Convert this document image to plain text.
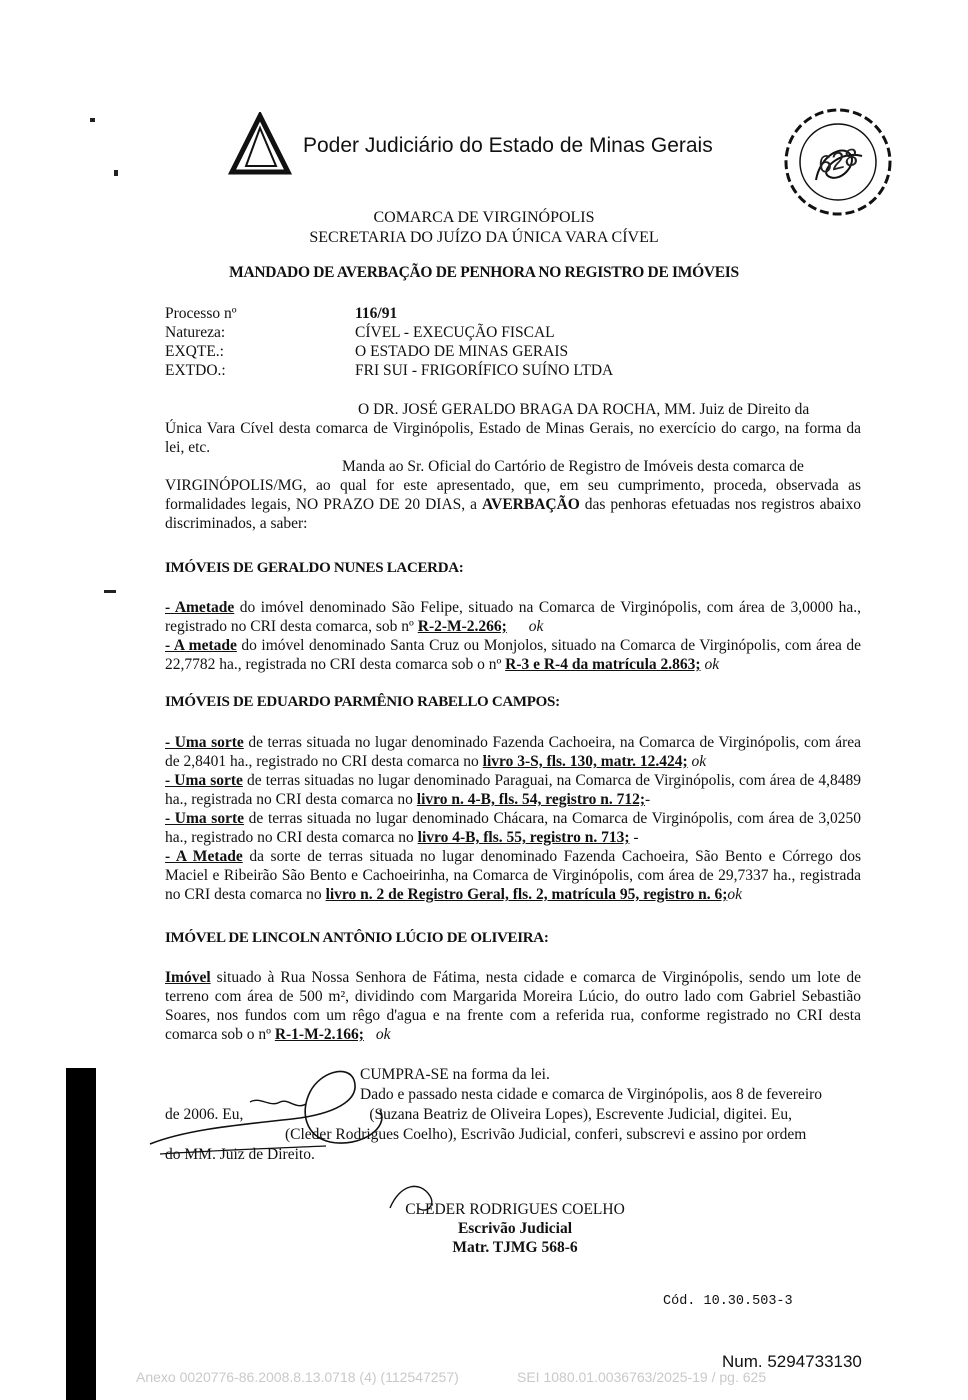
Poder Judiciário do Estado de Minas Gerais	628
COMARCA DE VIRGINÓPOLIS
SECRETARIA DO JUÍZO DA ÚNICA VARA CÍVEL
MANDADO DE AVERBAÇÃO DE PENHORA NO REGISTRO DE IMÓVEIS
Processo nº	116/91
Natureza:	CÍVEL - EXECUÇÃO FISCAL
EXQTE.:	O ESTADO DE MINAS GERAIS
EXTDO.:	FRI SUI - FRIGORÍFICO SUÍNO LTDA
O DR. JOSÉ GERALDO BRAGA DA ROCHA, MM. Juiz de Direito da
Única Vara Cível desta comarca de Virginópolis, Estado de Minas Gerais, no exercício do cargo, na forma da lei, etc.
Manda ao Sr. Oficial do Cartório de Registro de Imóveis desta comarca de
VIRGINÓPOLIS/MG, ao qual for este apresentado, que, em seu cumprimento, proceda, observada as formalidades legais, NO PRAZO DE 20 DIAS, a AVERBAÇÃO das penhoras efetuadas nos registros abaixo discriminados, a saber:
IMÓVEIS DE GERALDO NUNES LACERDA:
- Ametade do imóvel denominado São Felipe, situado na Comarca de Virginópolis, com área de 3,0000 ha., registrado no CRI desta comarca, sob nº R-2-M-2.266; ok
- A metade do imóvel denominado Santa Cruz ou Monjolos, situado na Comarca de Virginópolis, com área de 22,7782 ha., registrada no CRI desta comarca sob o nº R-3 e R-4 da matrícula 2.863; ok
IMÓVEIS DE EDUARDO PARMÊNIO RABELLO CAMPOS:
- Uma sorte de terras situada no lugar denominado Fazenda Cachoeira, na Comarca de Virginópolis, com área de 2,8401 ha., registrado no CRI desta comarca no livro 3-S, fls. 130, matr. 12.424; ok
- Uma sorte de terras situadas no lugar denominado Paraguai, na Comarca de Virginópolis, com área de 4,8489 ha., registrada no CRI desta comarca no livro n. 4-B, fls. 54, registro n. 712;-
- Uma sorte de terras situada no lugar denominado Chácara, na Comarca de Virginópolis, com área de 3,0250 ha., registrado no CRI desta comarca no livro 4-B, fls. 55, registro n. 713; -
- A Metade da sorte de terras situada no lugar denominado Fazenda Cachoeira, São Bento e Córrego dos Maciel e Ribeirão São Bento e Cachoeirinha, na Comarca de Virginópolis, com área de 29,7337 ha., registrada no CRI desta comarca no livro n. 2 de Registro Geral, fls. 2, matrícula 95, registro n. 6;ok
IMÓVEL DE LINCOLN ANTÔNIO LÚCIO DE OLIVEIRA:
Imóvel situado à Rua Nossa Senhora de Fátima, nesta cidade e comarca de Virginópolis, sendo um lote de terreno com área de 500 m², dividindo com Margarida Moreira Lúcio, do outro lado com Gabriel Sebastião Soares, nos fundos com um rêgo d'agua e na frente com a referida rua, conforme registrado no CRI desta comarca sob o nº R-1-M-2.166; ok
CUMPRA-SE na forma da lei.
Dado e passado nesta cidade e comarca de Virginópolis, aos 8 de fevereiro
de 2006. Eu,	(Suzana Beatriz de Oliveira Lopes), Escrevente Judicial, digitei. Eu,
(Cleder Rodrigues Coelho), Escrivão Judicial, conferi, subscrevi e assino por ordem
do MM. Juiz de Direito.
CLEDER RODRIGUES COELHO
Escrivão Judicial
Matr. TJMG 568-6
Cód. 10.30.503-3
Num. 5294733130
Anexo 0020776-86.2008.8.13.0718 (4) (112547257)	SEI 1080.01.0036763/2025-19 / pg. 625
